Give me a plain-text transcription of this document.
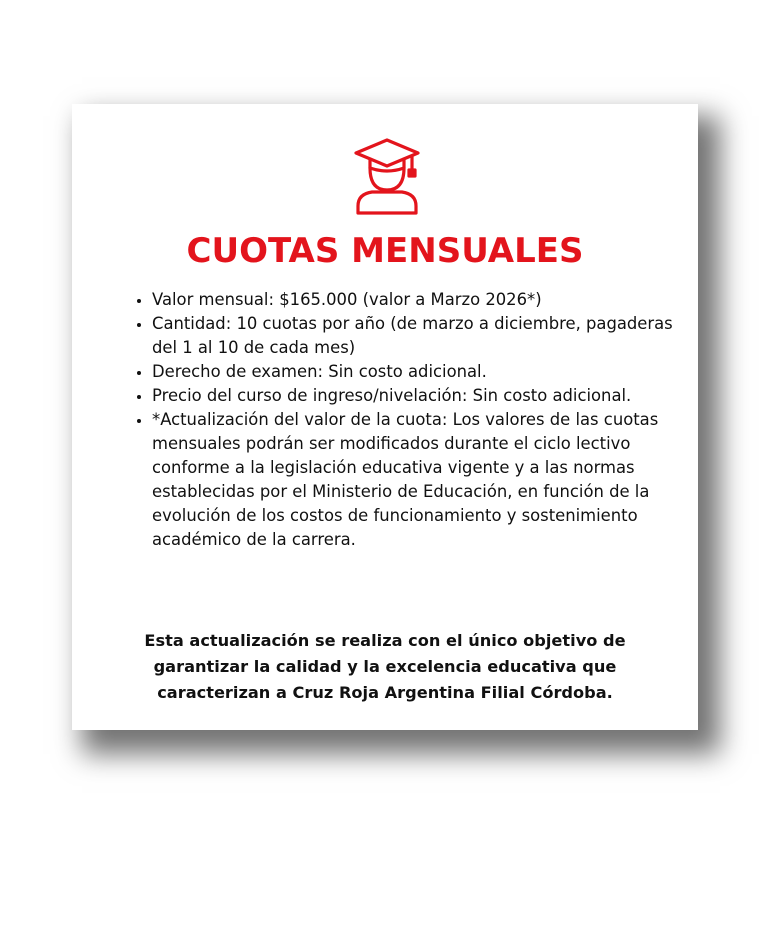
CUOTAS MENSUALES
• Valor mensual: $165.000 (valor a Marzo 2026*)
• Cantidad: 10 cuotas por año (de marzo a diciembre, pagaderas del 1 al 10 de cada mes)
• Derecho de examen: Sin costo adicional.
• Precio del curso de ingreso/nivelación: Sin costo adicional.
• *Actualización del valor de la cuota: Los valores de las cuotas mensuales podrán ser modificados durante el ciclo lectivo conforme a la legislación educativa vigente y a las normas establecidas por el Ministerio de Educación, en función de la evolución de los costos de funcionamiento y sostenimiento académico de la carrera.

Esta actualización se realiza con el único objetivo de garantizar la calidad y la excelencia educativa que caracterizan a Cruz Roja Argentina Filial Córdoba.
